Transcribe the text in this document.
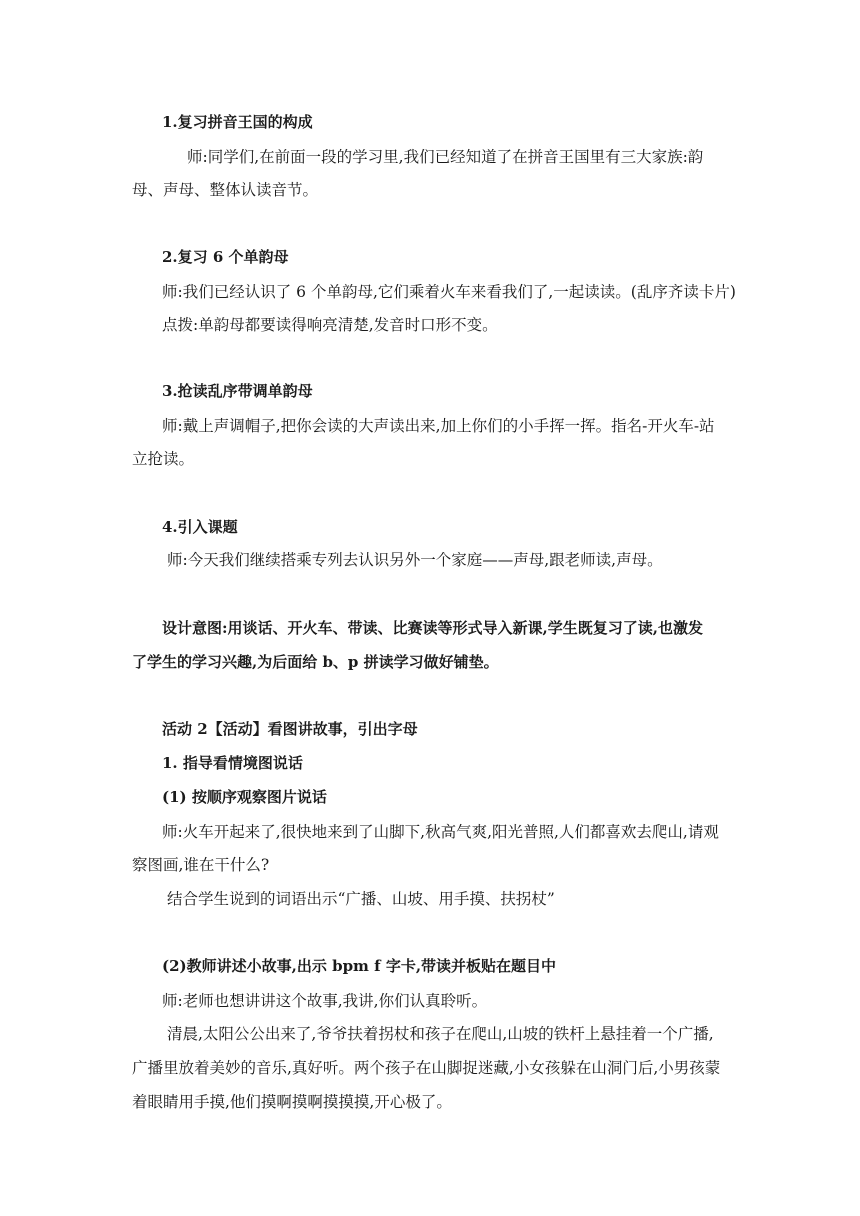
1.复习拼音王国的构成
师:同学们,在前面一段的学习里,我们已经知道了在拼音王国里有三大家族:韵
母、声母、整体认读音节。
2.复习 6 个单韵母
师:我们已经认识了 6 个单韵母,它们乘着火车来看我们了,一起读读。(乱序齐读卡片)
点拨:单韵母都要读得响亮清楚,发音时口形不变。
3.抢读乱序带调单韵母
师:戴上声调帽子,把你会读的大声读出来,加上你们的小手挥一挥。指名-开火车-站
立抢读。
4.引入课题
师:今天我们继续搭乘专列去认识另外一个家庭——声母,跟老师读,声母。
设计意图:用谈话、开火车、带读、比赛读等形式导入新课,学生既复习了读,也激发
了学生的学习兴趣,为后面给 b、p 拼读学习做好铺垫。
活动 2【活动】看图讲故事，引出字母
1. 指导看情境图说话
(1) 按顺序观察图片说话
师:火车开起来了,很快地来到了山脚下,秋高气爽,阳光普照,人们都喜欢去爬山,请观
察图画,谁在干什么?
结合学生说到的词语出示“广播、山坡、用手摸、扶拐杖”
(2)教师讲述小故事,出示 bpm f 字卡,带读并板贴在题目中
师:老师也想讲讲这个故事,我讲,你们认真聆听。
清晨,太阳公公出来了,爷爷扶着拐杖和孩子在爬山,山坡的铁杆上悬挂着一个广播,
广播里放着美妙的音乐,真好听。两个孩子在山脚捉迷藏,小女孩躲在山洞门后,小男孩蒙
着眼睛用手摸,他们摸啊摸啊摸摸摸,开心极了。
